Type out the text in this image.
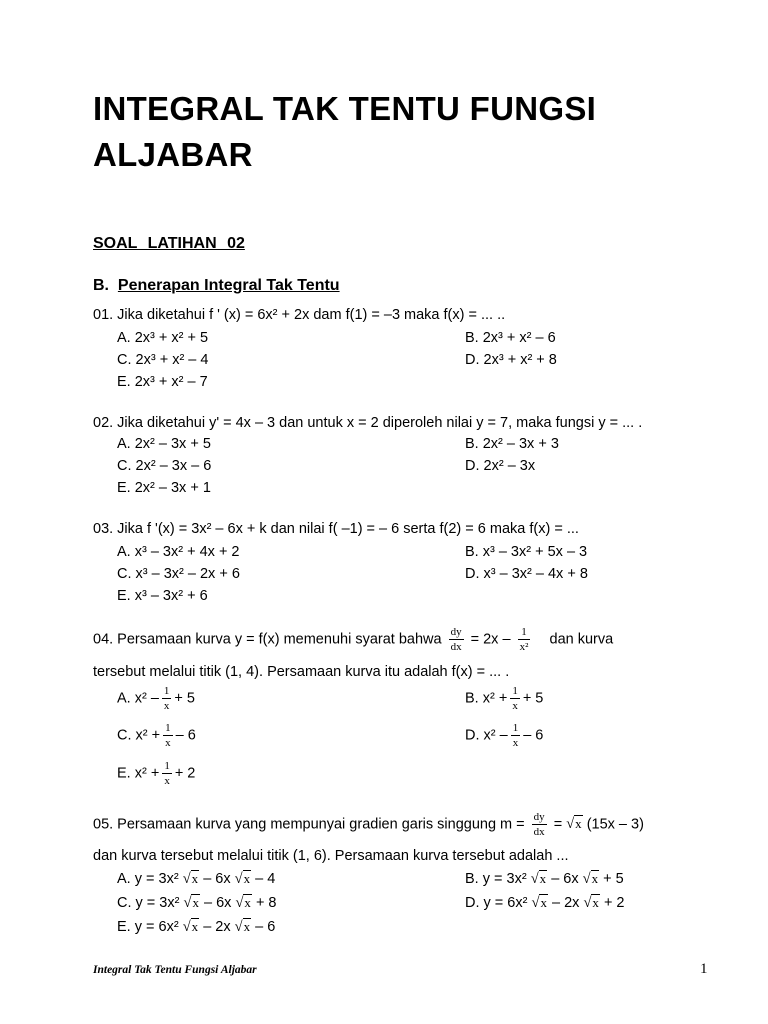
INTEGRAL TAK TENTU FUNGSI
ALJABAR
SOAL LATIHAN 02
B. Penerapan Integral Tak Tentu
01. Jika diketahui f ' (x) = 6x² + 2x dam f(1) = –3 maka f(x) = ... ..
A. 2x³ + x² + 5	B. 2x³ + x² – 6
C. 2x³ + x² – 4	D. 2x³ + x² + 8
E. 2x³ + x² – 7
02. Jika diketahui y' = 4x – 3 dan untuk x = 2 diperoleh nilai y = 7, maka fungsi y = ... .
A. 2x² – 3x + 5	B. 2x² – 3x + 3
C. 2x² – 3x – 6	D. 2x² – 3x
E. 2x² – 3x + 1
03. Jika f '(x) = 3x² – 6x + k dan nilai f( –1) = – 6 serta f(2) = 6 maka f(x) = ...
A. x³ – 3x² + 4x + 2	B. x³ – 3x² + 5x – 3
C. x³ – 3x² – 2x + 6	D. x³ – 3x² – 4x + 8
E. x³ – 3x² + 6
04. Persamaan kurva y = f(x) memenuhi syarat bahwa $\frac{dy}{dx} = 2x - \frac{1}{\text{x²}}$ dan kurva
tersebut melalui titik (1, 4). Persamaan kurva itu adalah f(x) = ... .
A. $x^2 - \frac{1}{x} + 5$	B. $x^2 + \frac{1}{x} + 5$
C. $x^2 + \frac{1}{x} - 6$	D. $x^2 - \frac{1}{x} - 6$
E. $x^2 + \frac{1}{x} + 2$
05. Persamaan kurva yang mempunyai gradien garis singgung $m = \frac{dy}{dx} = √x$ (15x – 3)
dan kurva tersebut melalui titik (1, 6). Persamaan kurva tersebut adalah ...
A. y = 3x² √x – 6x √x – 4	B. y = 3x² √x – 6x √x + 5
C. y = 3x² √x – 6x √x + 8	D. y = 6x² √x – 2x √x + 2
E. y = 6x² √x – 2x √x – 6
Integral Tak Tentu Fungsi Aljabar	1
